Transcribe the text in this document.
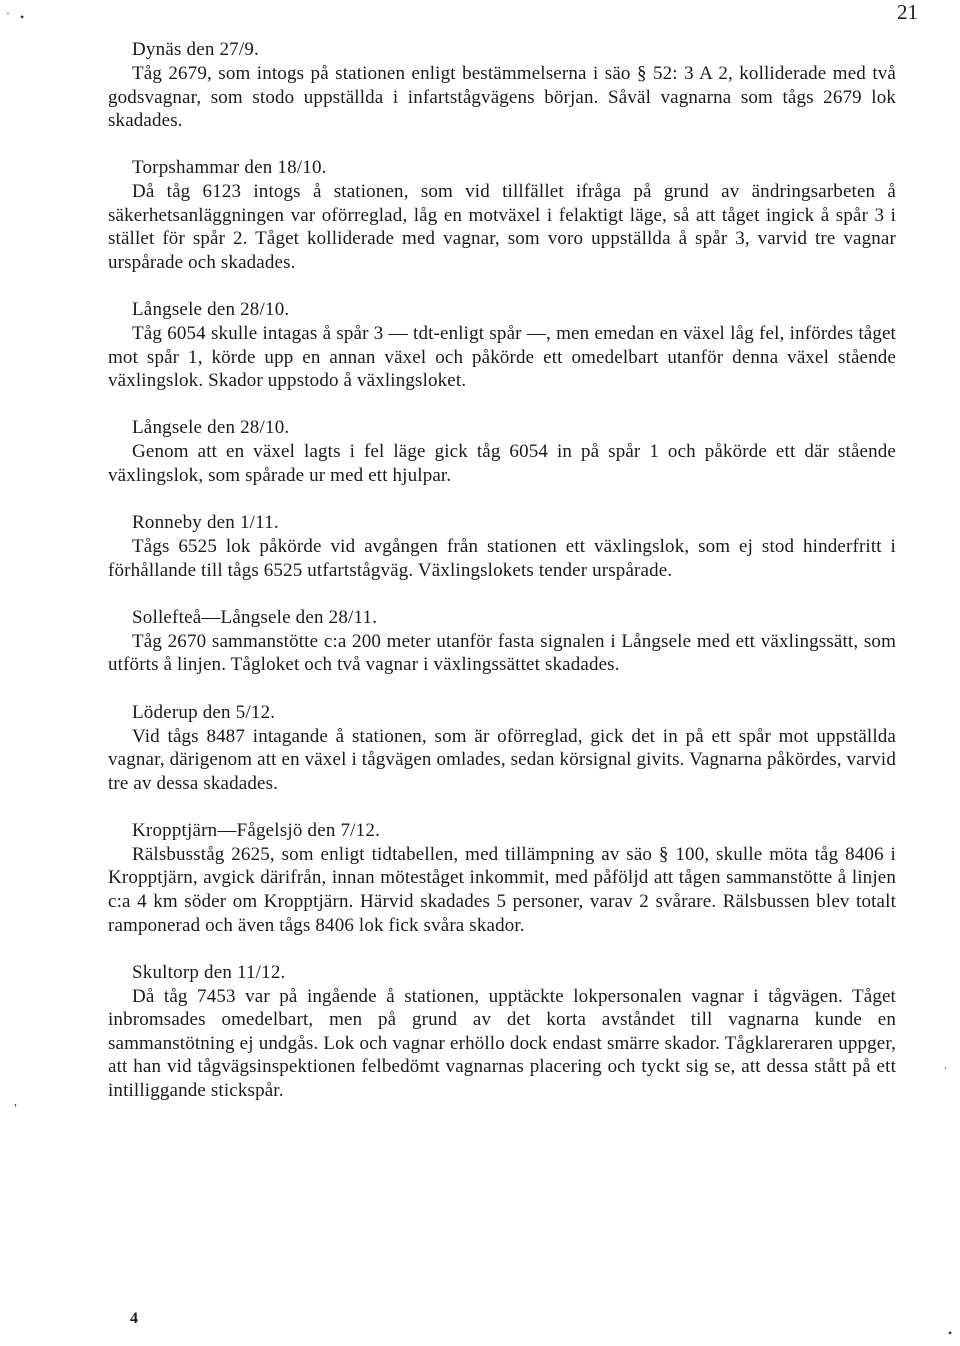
21
· •

Dynäs den 27/9.

Tåg 2679, som intogs på stationen enligt bestämmelserna i säo § 52: 3 A 2, kolliderade med två godsvagnar, som stodo uppställda i infartstågvägens början. Såväl vagnarna som tågs 2679 lok skadades.

Torpshammar den 18/10.

Då tåg 6123 intogs å stationen, som vid tillfället ifråga på grund av ändringsarbeten å säkerhetsanläggningen var oförreglad, låg en motväxel i felaktigt läge, så att tåget ingick å spår 3 i stället för spår 2. Tåget kolliderade med vagnar, som voro uppställda å spår 3, varvid tre vagnar urspårade och skadades.

Långsele den 28/10.

Tåg 6054 skulle intagas å spår 3 — tdt-enligt spår —, men emedan en växel låg fel, infördes tåget mot spår 1, körde upp en annan växel och påkörde ett omedelbart utanför denna växel stående växlingslok. Skador uppstodo å växlingsloket.

Långsele den 28/10.

Genom att en växel lagts i fel läge gick tåg 6054 in på spår 1 och påkörde ett där stående växlingslok, som spårade ur med ett hjulpar.

Ronneby den 1/11.

Tågs 6525 lok påkörde vid avgången från stationen ett växlingslok, som ej stod hinderfritt i förhållande till tågs 6525 utfartstågväg. Växlingslokets tender urspårade.

Sollefteå—Långsele den 28/11.

Tåg 2670 sammanstötte c:a 200 meter utanför fasta signalen i Långsele med ett växlingssätt, som utförts å linjen. Tågloket och två vagnar i växlingssättet skadades.

Löderup den 5/12.

Vid tågs 8487 intagande å stationen, som är oförreglad, gick det in på ett spår mot uppställda vagnar, därigenom att en växel i tågvägen omlades, sedan körsignal givits. Vagnarna påkördes, varvid tre av dessa skadades.

Kropptjärn—Fågelsjö den 7/12.

Rälsbusståg 2625, som enligt tidtabellen, med tillämpning av säo § 100, skulle möta tåg 8406 i Kropptjärn, avgick därifrån, innan möteståget inkommit, med påföljd att tågen sammanstötte å linjen c:a 4 km söder om Kropptjärn. Härvid skadades 5 personer, varav 2 svårare. Rälsbussen blev totalt ramponerad och även tågs 8406 lok fick svåra skador.

Skultorp den 11/12.

Då tåg 7453 var på ingående å stationen, upptäckte lokpersonalen vagnar i tågvägen. Tåget inbromsades omedelbart, men på grund av det korta avståndet till vagnarna kunde en sammanstötning ej undgås. Lok och vagnar erhöllo dock endast smärre skador. Tågklareraren uppger, att han vid tågvägsinspektionen felbedömt vagnarnas placering och tyckt sig se, att dessa stått på ett intilliggande stickspår.

4
,
.
•
